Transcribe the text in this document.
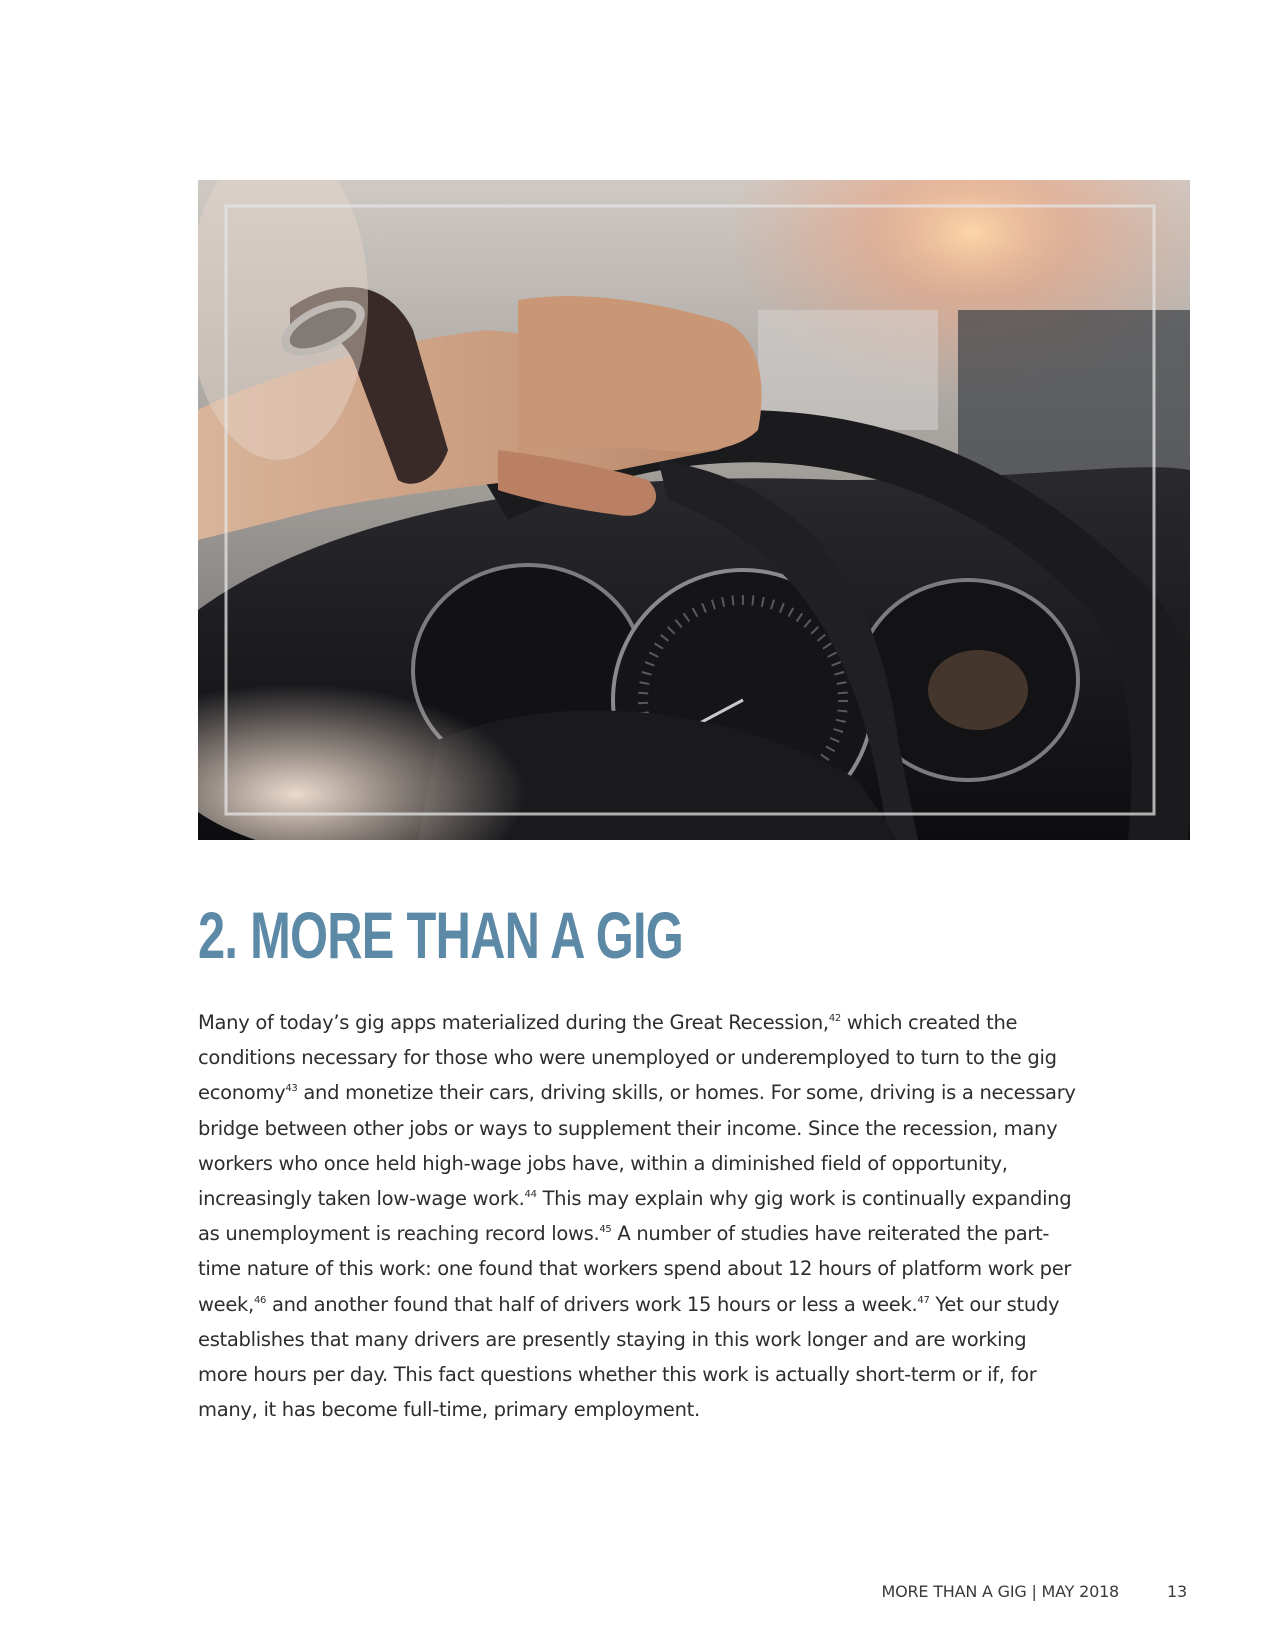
2. MORE THAN A GIG

Many of today’s gig apps materialized during the Great Recession,$^{42}$ which created the conditions necessary for those who were unemployed or underemployed to turn to the gig economy$^{43}$ and monetize their cars, driving skills, or homes. For some, driving is a necessary bridge between other jobs or ways to supplement their income. Since the recession, many workers who once held high-wage jobs have, within a diminished field of opportunity, increasingly taken low-wage work.$^{44}$ This may explain why gig work is continually expanding as unemployment is reaching record lows.$^{45}$ A number of studies have reiterated the part-time nature of this work: one found that workers spend about 12 hours of platform work per week,$^{46}$ and another found that half of drivers work 15 hours or less a week.$^{47}$ Yet our study establishes that many drivers are presently staying in this work longer and are working more hours per day. This fact questions whether this work is actually short-term or if, for many, it has become full-time, primary employment.

MORE THAN A GIG | MAY 2018	13
